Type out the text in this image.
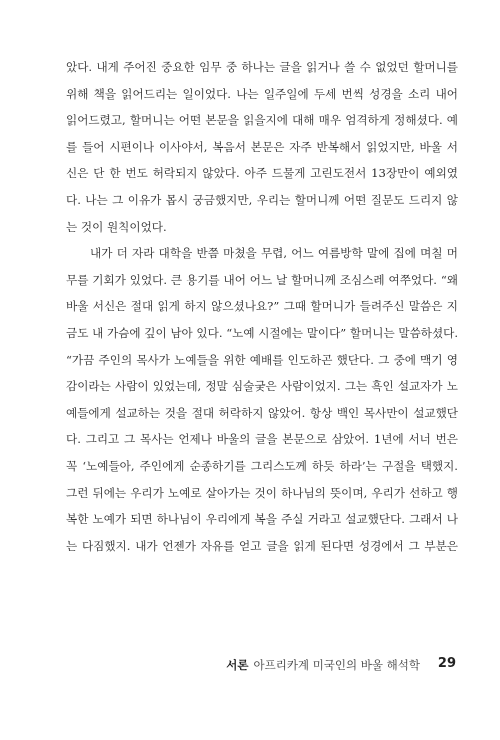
았다. 내게 주어진 중요한 임무 중 하나는 글을 읽거나 쓸 수 없었던 할머니를
위해 책을 읽어드리는 일이었다. 나는 일주일에 두세 번씩 성경을 소리 내어
읽어드렸고, 할머니는 어떤 본문을 읽을지에 대해 매우 엄격하게 정해셨다. 예
를 들어 시편이나 이사야서, 복음서 본문은 자주 반복해서 읽었지만, 바울 서
신은 단 한 번도 허락되지 않았다. 아주 드물게 고린도전서 13장만이 예외였
다. 나는 그 이유가 몹시 궁금했지만, 우리는 할머니께 어떤 질문도 드리지 않
는 것이 원칙이었다.
내가 더 자라 대학을 반쯤 마쳤을 무렵, 어느 여름방학 말에 집에 며칠 머
무를 기회가 있었다. 큰 용기를 내어 어느 날 할머니께 조심스레 여쭈었다. “왜
바울 서신은 절대 읽게 하지 않으셨나요?” 그때 할머니가 들려주신 말씀은 지
금도 내 가슴에 깊이 남아 있다. “노예 시절에는 말이다” 할머니는 말씀하셨다.
“가끔 주인의 목사가 노예들을 위한 예배를 인도하곤 했단다. 그 중에 맥기 영
감이라는 사람이 있었는데, 정말 심술궂은 사람이었지. 그는 흑인 설교자가 노
예들에게 설교하는 것을 절대 허락하지 않았어. 항상 백인 목사만이 설교했단
다. 그리고 그 목사는 언제나 바울의 글을 본문으로 삼았어. 1년에 서너 번은
꼭 ‘노예들아, 주인에게 순종하기를 그리스도께 하듯 하라’는 구절을 택했지.
그런 뒤에는 우리가 노예로 살아가는 것이 하나님의 뜻이며, 우리가 선하고 행
복한 노예가 되면 하나님이 우리에게 복을 주실 거라고 설교했단다. 그래서 나
는 다짐했지. 내가 언젠가 자유를 얻고 글을 읽게 된다면 성경에서 그 부분은
서론 아프리카계 미국인의 바울 해석학 29
